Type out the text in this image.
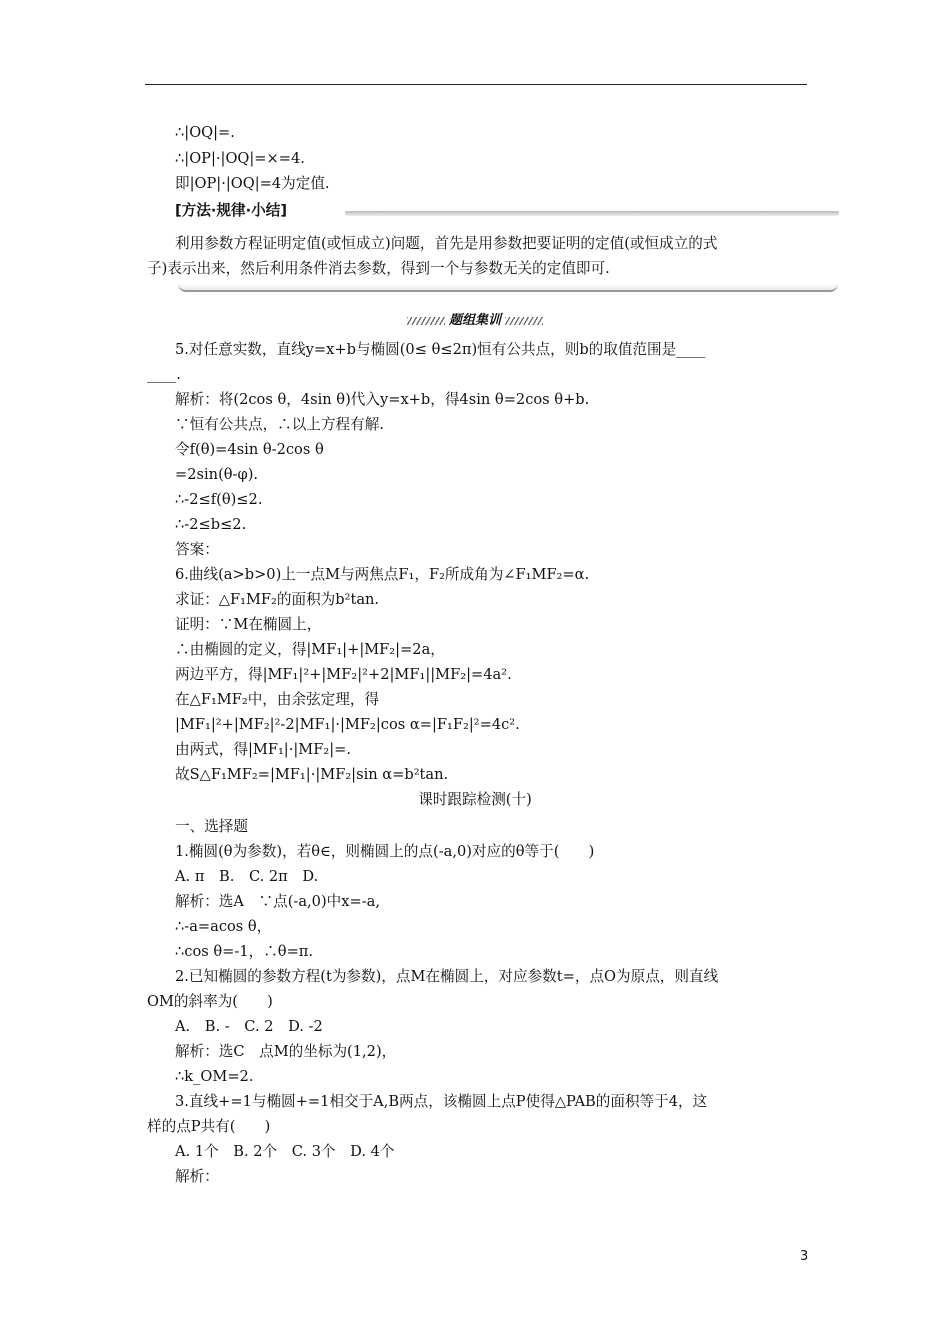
∴|OQ|=.
∴|OP|·|OQ|=×=4.
即|OP|·|OQ|=4为定值.
[方法·规律·小结]
利用参数方程证明定值(或恒成立)问题，首先是用参数把要证明的定值(或恒成立的式
子)表示出来，然后利用条件消去参数，得到一个与参数无关的定值即可.
题组集训
5.对任意实数，直线y=x+b与椭圆(0≤ θ≤2π)恒有公共点，则b的取值范围是____
____.
解析：将(2cos θ，4sin θ)代入y=x+b，得4sin θ=2cos θ+b.
∵恒有公共点，∴以上方程有解.
令f(θ)=4sin θ-2cos θ
=2sin(θ-φ).
∴-2≤f(θ)≤2.
∴-2≤b≤2.
答案：
6.曲线(a>b>0)上一点M与两焦点F₁，F₂所成角为∠F₁MF₂=α.
求证：△F₁MF₂的面积为b²tan.
证明：∵M在椭圆上，
∴由椭圆的定义，得|MF₁|+|MF₂|=2a，
两边平方，得|MF₁|²+|MF₂|²+2|MF₁||MF₂|=4a².
在△F₁MF₂中，由余弦定理，得
|MF₁|²+|MF₂|²-2|MF₁|·|MF₂|cos α=|F₁F₂|²=4c².
由两式，得|MF₁|·|MF₂|=.
故S△F₁MF₂=|MF₁|·|MF₂|sin α=b²tan.
课时跟踪检测(十)
一、选择题
1.椭圆(θ为参数)，若θ∈，则椭圆上的点(-a,0)对应的θ等于(　　)
A. π　B.　C. 2π　D.
解析：选A　∵点(-a,0)中x=-a,
∴-a=acos θ，
∴cos θ=-1，∴θ=π.
2.已知椭圆的参数方程(t为参数)，点M在椭圆上，对应参数t=，点O为原点，则直线
OM的斜率为(　　)
A.　B. -　C. 2　D. -2
解析：选C　点M的坐标为(1,2)，
∴k_OM=2.
3.直线+=1与椭圆+=1相交于A,B两点，该椭圆上点P使得△PAB的面积等于4，这
样的点P共有(　　)
A. 1个　B. 2个　C. 3个　D. 4个
解析：
3
